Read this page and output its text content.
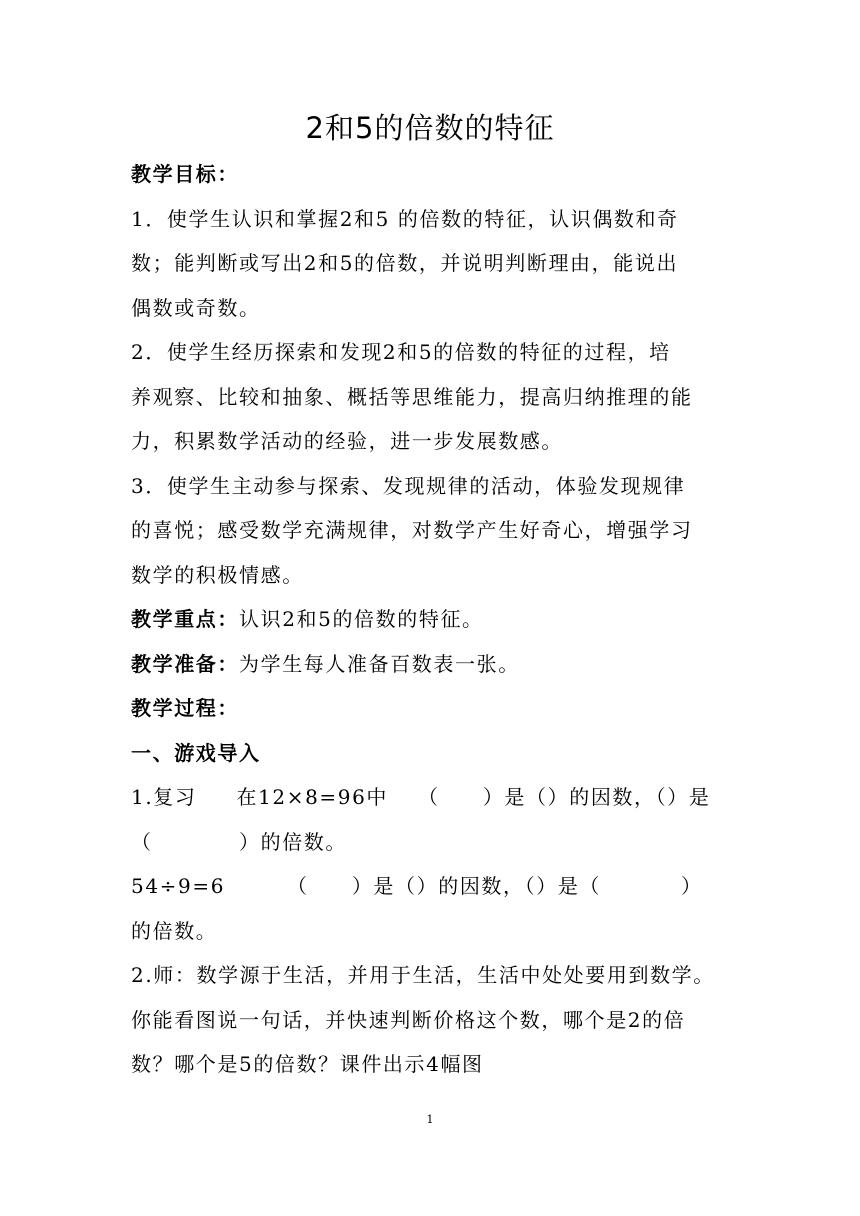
2和5的倍数的特征
教学目标：
1．使学生认识和掌握2和5 的倍数的特征，认识偶数和奇
数；能判断或写出2和5的倍数，并说明判断理由，能说出
偶数或奇数。
2．使学生经历探索和发现2和5的倍数的特征的过程，培
养观察、比较和抽象、概括等思维能力，提高归纳推理的能
力，积累数学活动的经验，进一步发展数感。
3．使学生主动参与探索、发现规律的活动，体验发现规律
的喜悦；感受数学充满规律，对数学产生好奇心，增强学习
数学的积极情感。
教学重点：认识2和5的倍数的特征。
教学准备：为学生每人准备百数表一张。
教学过程：
一、游戏导入
1.复习 在12×8=96中 （　　）是（）的因数，（）是
（　　　　）的倍数。
54÷9=6	（　　）是（）的因数，（）是（	）
的倍数。
2.师：数学源于生活，并用于生活，生活中处处要用到数学。
你能看图说一句话，并快速判断价格这个数，哪个是2的倍
数？哪个是5的倍数？课件出示4幅图
1
